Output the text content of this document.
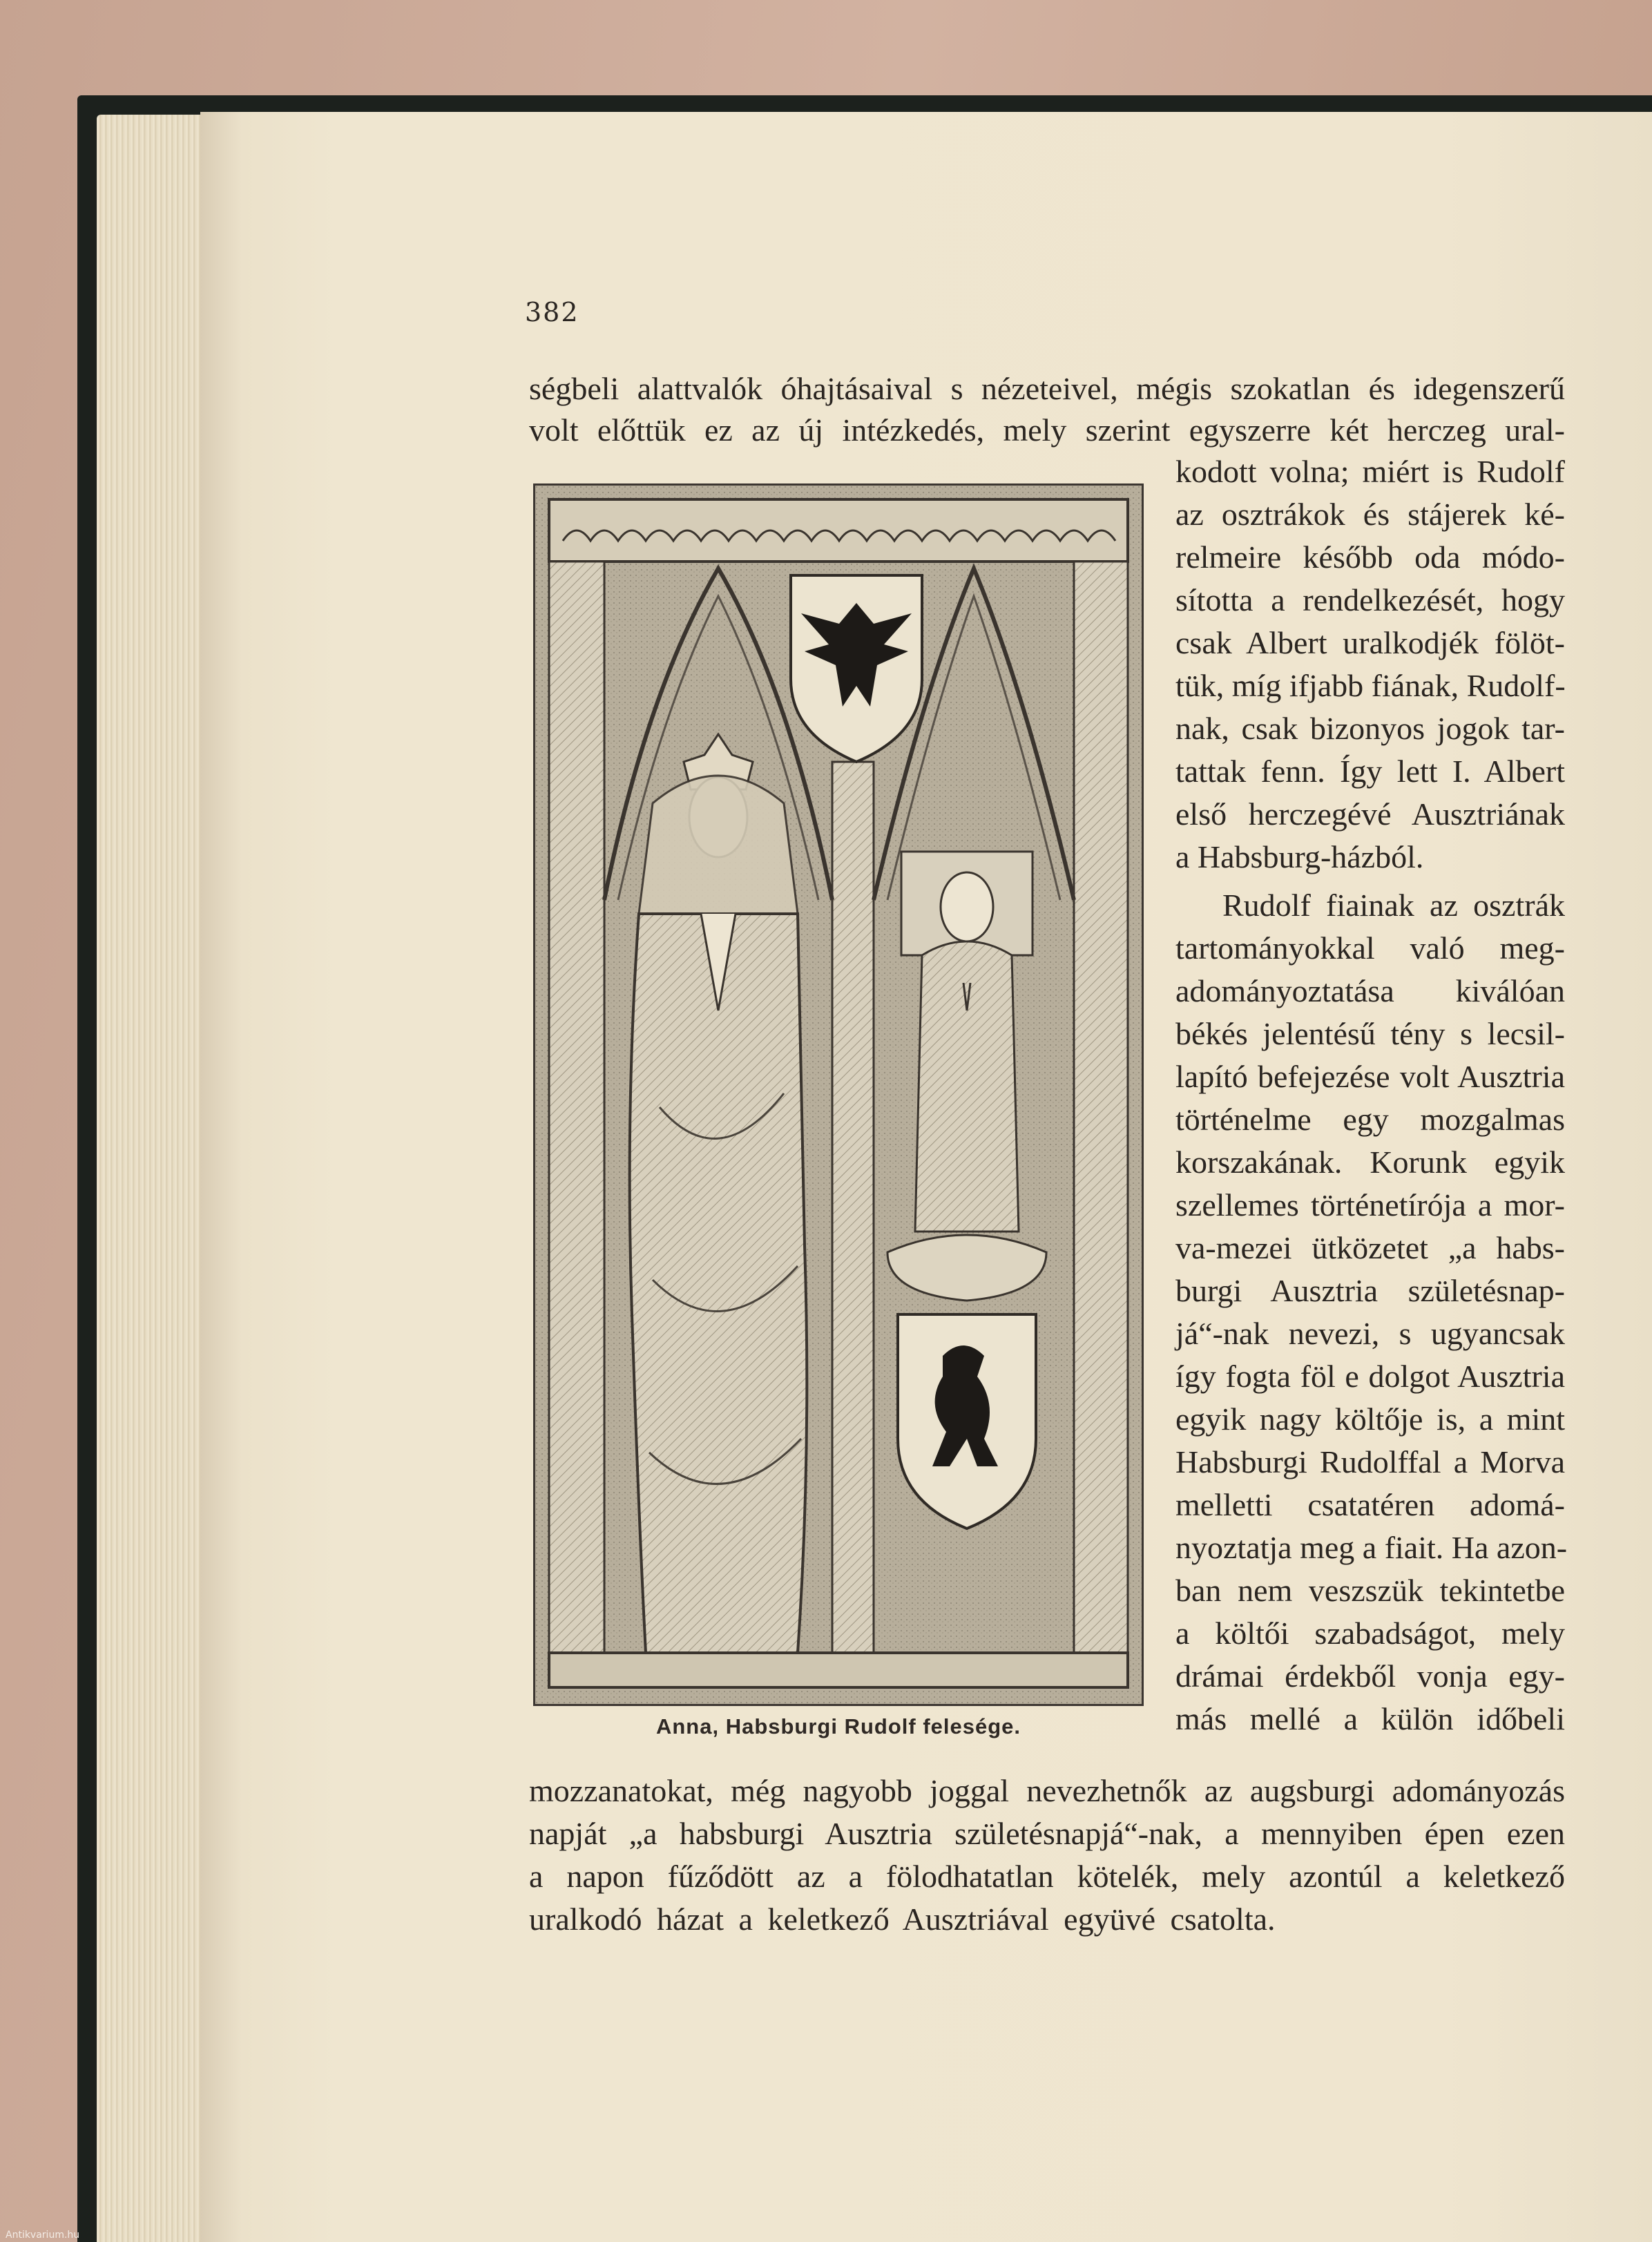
382
ségbeli alattvalók óhajtásaival s nézeteivel, mégis szokatlan és idegenszerű
volt előttük ez az új intézkedés, mely szerint egyszerre két herczeg ural-
Anna, Habsburgi Rudolf felesége.
kodott volna; miért is Rudolf
az osztrákok és stájerek ké-
relmeire később oda módo-
sította a rendelkezését, hogy
csak Albert uralkodjék fölöt-
tük, míg ifjabb fiának, Rudolf-
nak, csak bizonyos jogok tar-
tattak fenn. Így lett I. Albert
első herczegévé Ausztriának
a Habsburg-házból.
Rudolf fiainak az osztrák
tartományokkal való meg-
adományoztatása kiválóan
békés jelentésű tény s lecsil-
lapító befejezése volt Ausztria
történelme egy mozgalmas
korszakának. Korunk egyik
szellemes történetírója a mor-
va-mezei ütközetet „a habs-
burgi Ausztria születésnap-
já“-nak nevezi, s ugyancsak
így fogta föl e dolgot Ausztria
egyik nagy költője is, a mint
Habsburgi Rudolffal a Morva
melletti csatatéren adomá-
nyoztatja meg a fiait. Ha azon-
ban nem veszszük tekintetbe
a költői szabadságot, mely
drámai érdekből vonja egy-
más mellé a külön időbeli
mozzanatokat, még nagyobb joggal nevezhetnők az augsburgi adományozás
napját „a habsburgi Ausztria születésnapjá“-nak, a mennyiben épen ezen
a napon fűződött az a fölodhatatlan kötelék, mely azontúl a keletkező
uralkodó házat a keletkező Ausztriával együvé csatolta.
Antikvarium.hu
